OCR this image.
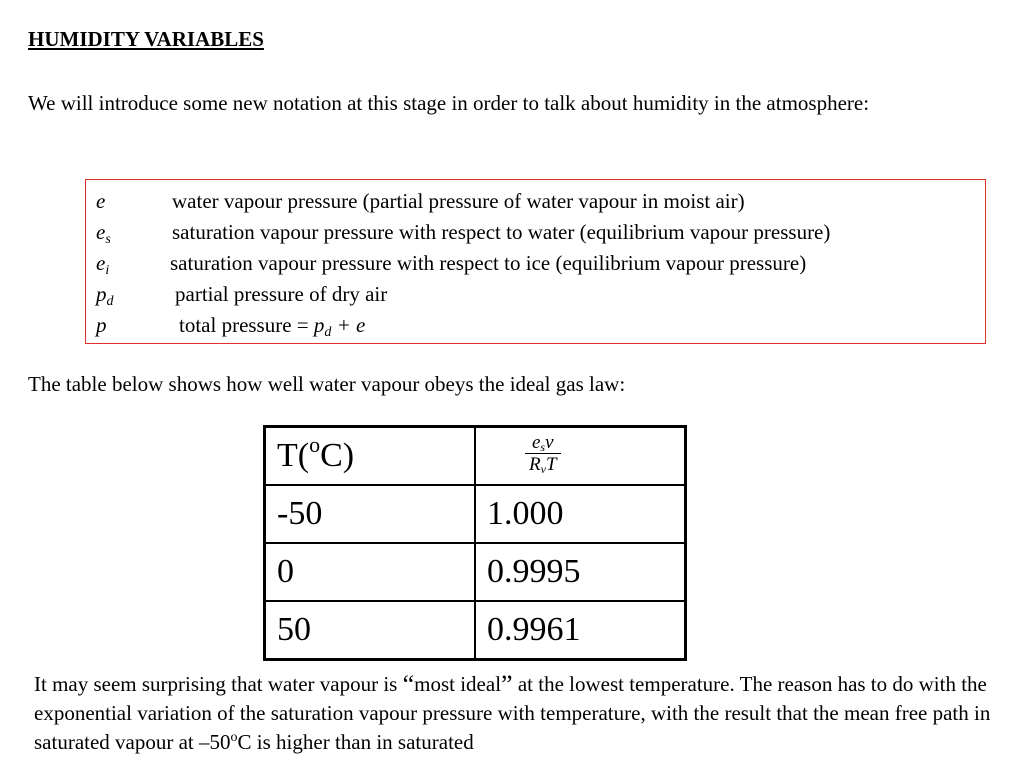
HUMIDITY VARIABLES
We will introduce some new notation at this stage in order to talk about humidity in the atmosphere:
e	water vapour pressure (partial pressure of water vapour in moist air)
$e_s$	saturation vapour pressure with respect to water (equilibrium vapour pressure)
$e_i$	saturation vapour pressure with respect to ice (equilibrium vapour pressure)
$p_d$	partial pressure of dry air
p	total pressure = $p_d + e$
The table below shows how well water vapour obeys the ideal gas law:
T($^o$C)	$\frac{e_sv}{R_vT}$

-50	1.000
0	0.9995
50	0.9961
It may seem surprising that water vapour is “most ideal” at the lowest temperature. The reason has to do with the exponential variation of the saturation vapour pressure with temperature, with the result that the mean free path in saturated vapour at –50$^o$C is higher than in saturated
